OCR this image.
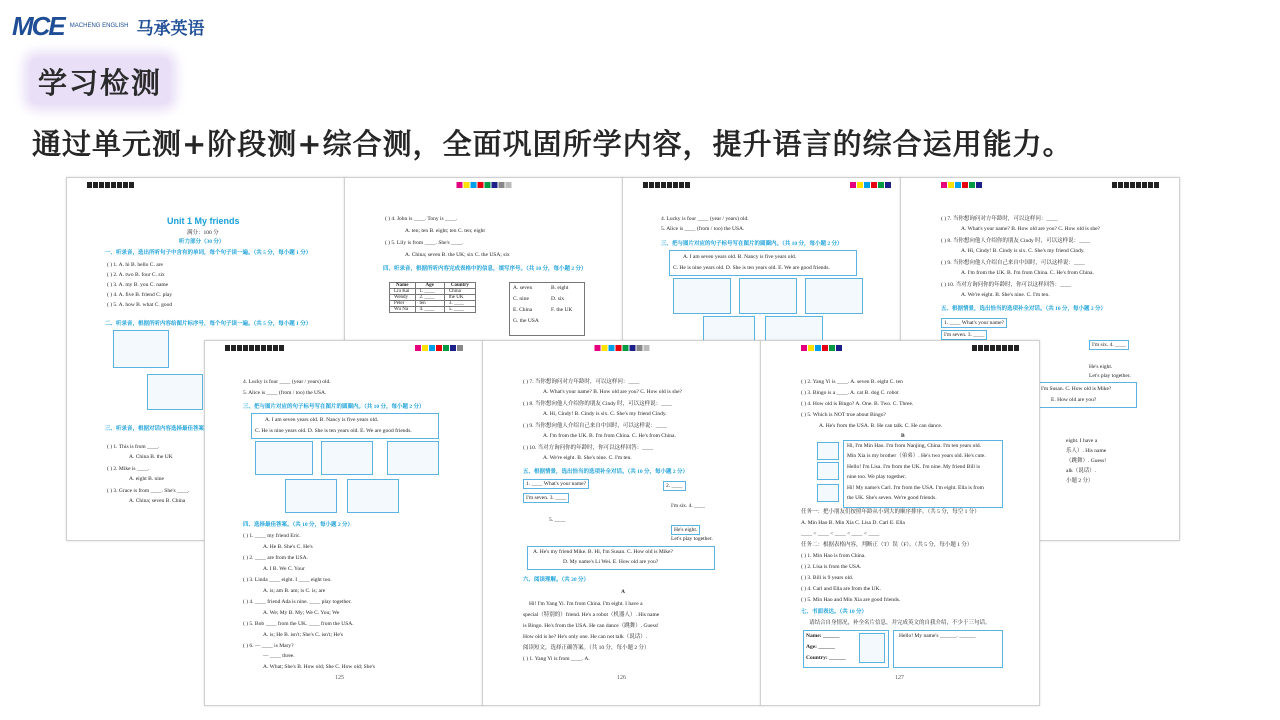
MCE MACHENG ENGLISH 马承英语
学习检测
通过单元测+阶段测+综合测，全面巩固所学内容，提升语言的综合运用能力。
Unit 1 My friends
满分：100 分
听力部分（30 分）
一、听录音，选出所听句子中含有的单词，每个句子读一遍。（共 5 分，每小题 1 分）
( ) 1. A. hi B. hello C. are
( ) 2. A. two B. four C. six
( ) 3. A. my B. you C. name
( ) 4. A. five B. friend C. play
( ) 5. A. how B. what C. good
二、听录音，根据所听内容给图片标序号，每个句子读一遍。（共 5 分，每小题 1 分）
三、听录音，根据对话内容选择最佳答案
( ) 1. This is from ____.
A. China B. the UK
( ) 2. Mike is ____.
A. eight B. nine
( ) 3. Grace is from ____. She's ____.
A. China; seven B. China
( ) 4. John is ____. Tony is ____.
A. ten; ten B. eight; ten C. ten; eight
( ) 5. Lily is from ____. She's ____.
A. China; seven B. the UK; six C. the USA; six
四、听录音，根据所听内容完成表格中的信息，填写序号。（共 10 分，每小题 2 分）
Name	Age	Country
Liu Kai	1. ____	China
Wendy	2. ____	the UK
Peter	ten	3. ____
Wu Na	4. ____	5. ____
A. seven	B. eight
C. nine	D. six
E. China	F. the UK
G. the USA
4. Lucky is four ____ (year / years) old.
5. Alice is ____ (from / too) the USA.
三、把与图片对应的句子标号写在图片的圆圈内。（共 10 分，每小题 2 分）
A. I am seven years old. B. Nancy is five years old.
C. He is nine years old. D. She is ten years old. E. We are good friends.
( ) 7. 当你想询问对方年龄时，可以这样问：____
A. What's your name? B. How old are you? C. How old is she?
( ) 8. 当你想向他人介绍你的朋友 Cindy 时，可以这样说：____
A. Hi, Cindy! B. Cindy is six. C. She's my friend Cindy.
( ) 9. 当你想向他人介绍自己来自中国时，可以这样说：____
A. I'm from the UK. B. I'm from China. C. He's from China.
( ) 10. 当对方询问你的年龄时，你可以这样回答：____
A. We're eight. B. She's nine. C. I'm ten.
五、根据情景，选出恰当的选项补全对话。（共 10 分，每小题 2 分）
1. ____ What's your name?
I'm seven. 3. ____
I'm six. 4. ____
He's eight.
Let's play together.
I'm Susan. C. How old is Mike?
E. How old are you?
eight. I have a
乐人）. His name
（跳舞）. Guess!
alk（说话）.
小题 2 分）
4. Lucky is four ____ (year / years) old.
5. Alice is ____ (from / too) the USA.
三、把与图片对应的句子标号写在图片的圆圈内。（共 10 分，每小题 2 分）
A. I am seven years old. B. Nancy is five years old.
C. He is nine years old. D. She is ten years old. E. We are good friends.
四、选择最佳答案。（共 10 分，每小题 2 分）
( ) 1. ____ my friend Eric.
A. He B. She's C. He's
( ) 2. ____ are from the USA.
A. I B. We C. Your
( ) 3. Linda ____ eight. I ____ eight too.
A. is; am B. am; is C. is; are
( ) 4. ____ friend Ada is nine. ____ play together.
A. We; My B. My; We C. You; We
( ) 5. Bob ____ from the UK. ____ from the USA.
A. is; He B. isn't; She's C. isn't; He's
( ) 6. — ____ is Mary?
— ____ three.
A. What; She's B. How old; She C. How old; She's
125
( ) 7. 当你想询问对方年龄时，可以这样问：____
A. What's your name? B. How old are you? C. How old is she?
( ) 8. 当你想向他人介绍你的朋友 Cindy 时，可以这样说：____
A. Hi, Cindy! B. Cindy is six. C. She's my friend Cindy.
( ) 9. 当你想向他人介绍自己来自中国时，可以这样说：____
A. I'm from the UK. B. I'm from China. C. He's from China.
( ) 10. 当对方询问你的年龄时，你可以这样回答：____
A. We're eight. B. She's nine. C. I'm ten.
五、根据情景，选出恰当的选项补全对话。（共 10 分，每小题 2 分）
1. ____ What's your name?
I'm seven. 3. ____
2. ____
I'm six. 4. ____
5. ____
He's eight.
Let's play together.
A. He's my friend Mike. B. Hi, I'm Susan. C. How old is Mike?
D. My name's Li Wei. E. How old are you?
六、阅读理解。（共 20 分）
A
Hi! I'm Yang Yi. I'm from China. I'm eight. I have a
special（特别的）friend. He's a robot（机器人）. His name
is Bingo. He's from the USA. He can dance（跳舞）. Guess!
How old is he? He's only one. He can not talk（说话）.
阅读短文，选择正确答案。（共 10 分，每小题 2 分）
( ) 1. Yang Yi is from ____. A.
126
( ) 2. Yang Yi is ____. A. seven B. eight C. ten
( ) 3. Bingo is a ____. A. cat B. dog C. robot
( ) 4. How old is Bingo? A. One. B. Two. C. Three.
( ) 5. Which is NOT true about Bingo?
A. He's from the USA. B. He can talk. C. He can dance.
B
Hi, I'm Min Hao. I'm from Nanjing, China. I'm ten years old.
Min Xia is my brother（弟弟）. He's two years old. He's cute.
Hello! I'm Lisa. I'm from the UK. I'm nine. My friend Bill is
nine too. We play together.
Hi! My name's Carl. I'm from the USA. I'm eight. Ella is from
the UK. She's seven. We're good friends.
任务一：把小朋友们按照年龄从小到大的顺序排序。（共 5 分，每空 1 分）
A. Min Hao B. Min Xia C. Lisa D. Carl E. Ella
____ < ____ < ____ < ____ < ____
任务二：根据表格内容，判断正（T）误（F）。（共 5 分，每小题 1 分）
( ) 1. Min Hao is from China.
( ) 2. Lisa is from the USA.
( ) 3. Bill is 9 years old.
( ) 4. Carl and Ella are from the UK.
( ) 5. Min Hao and Min Xia are good friends.
七、书面表达。（共 10 分）
请结合自身情况，补全名片信息，并完成英文的自我介绍，不少于三句话。
Name: ______
Age: ______
Country: ______
Hello! My name's ______. ______
127
